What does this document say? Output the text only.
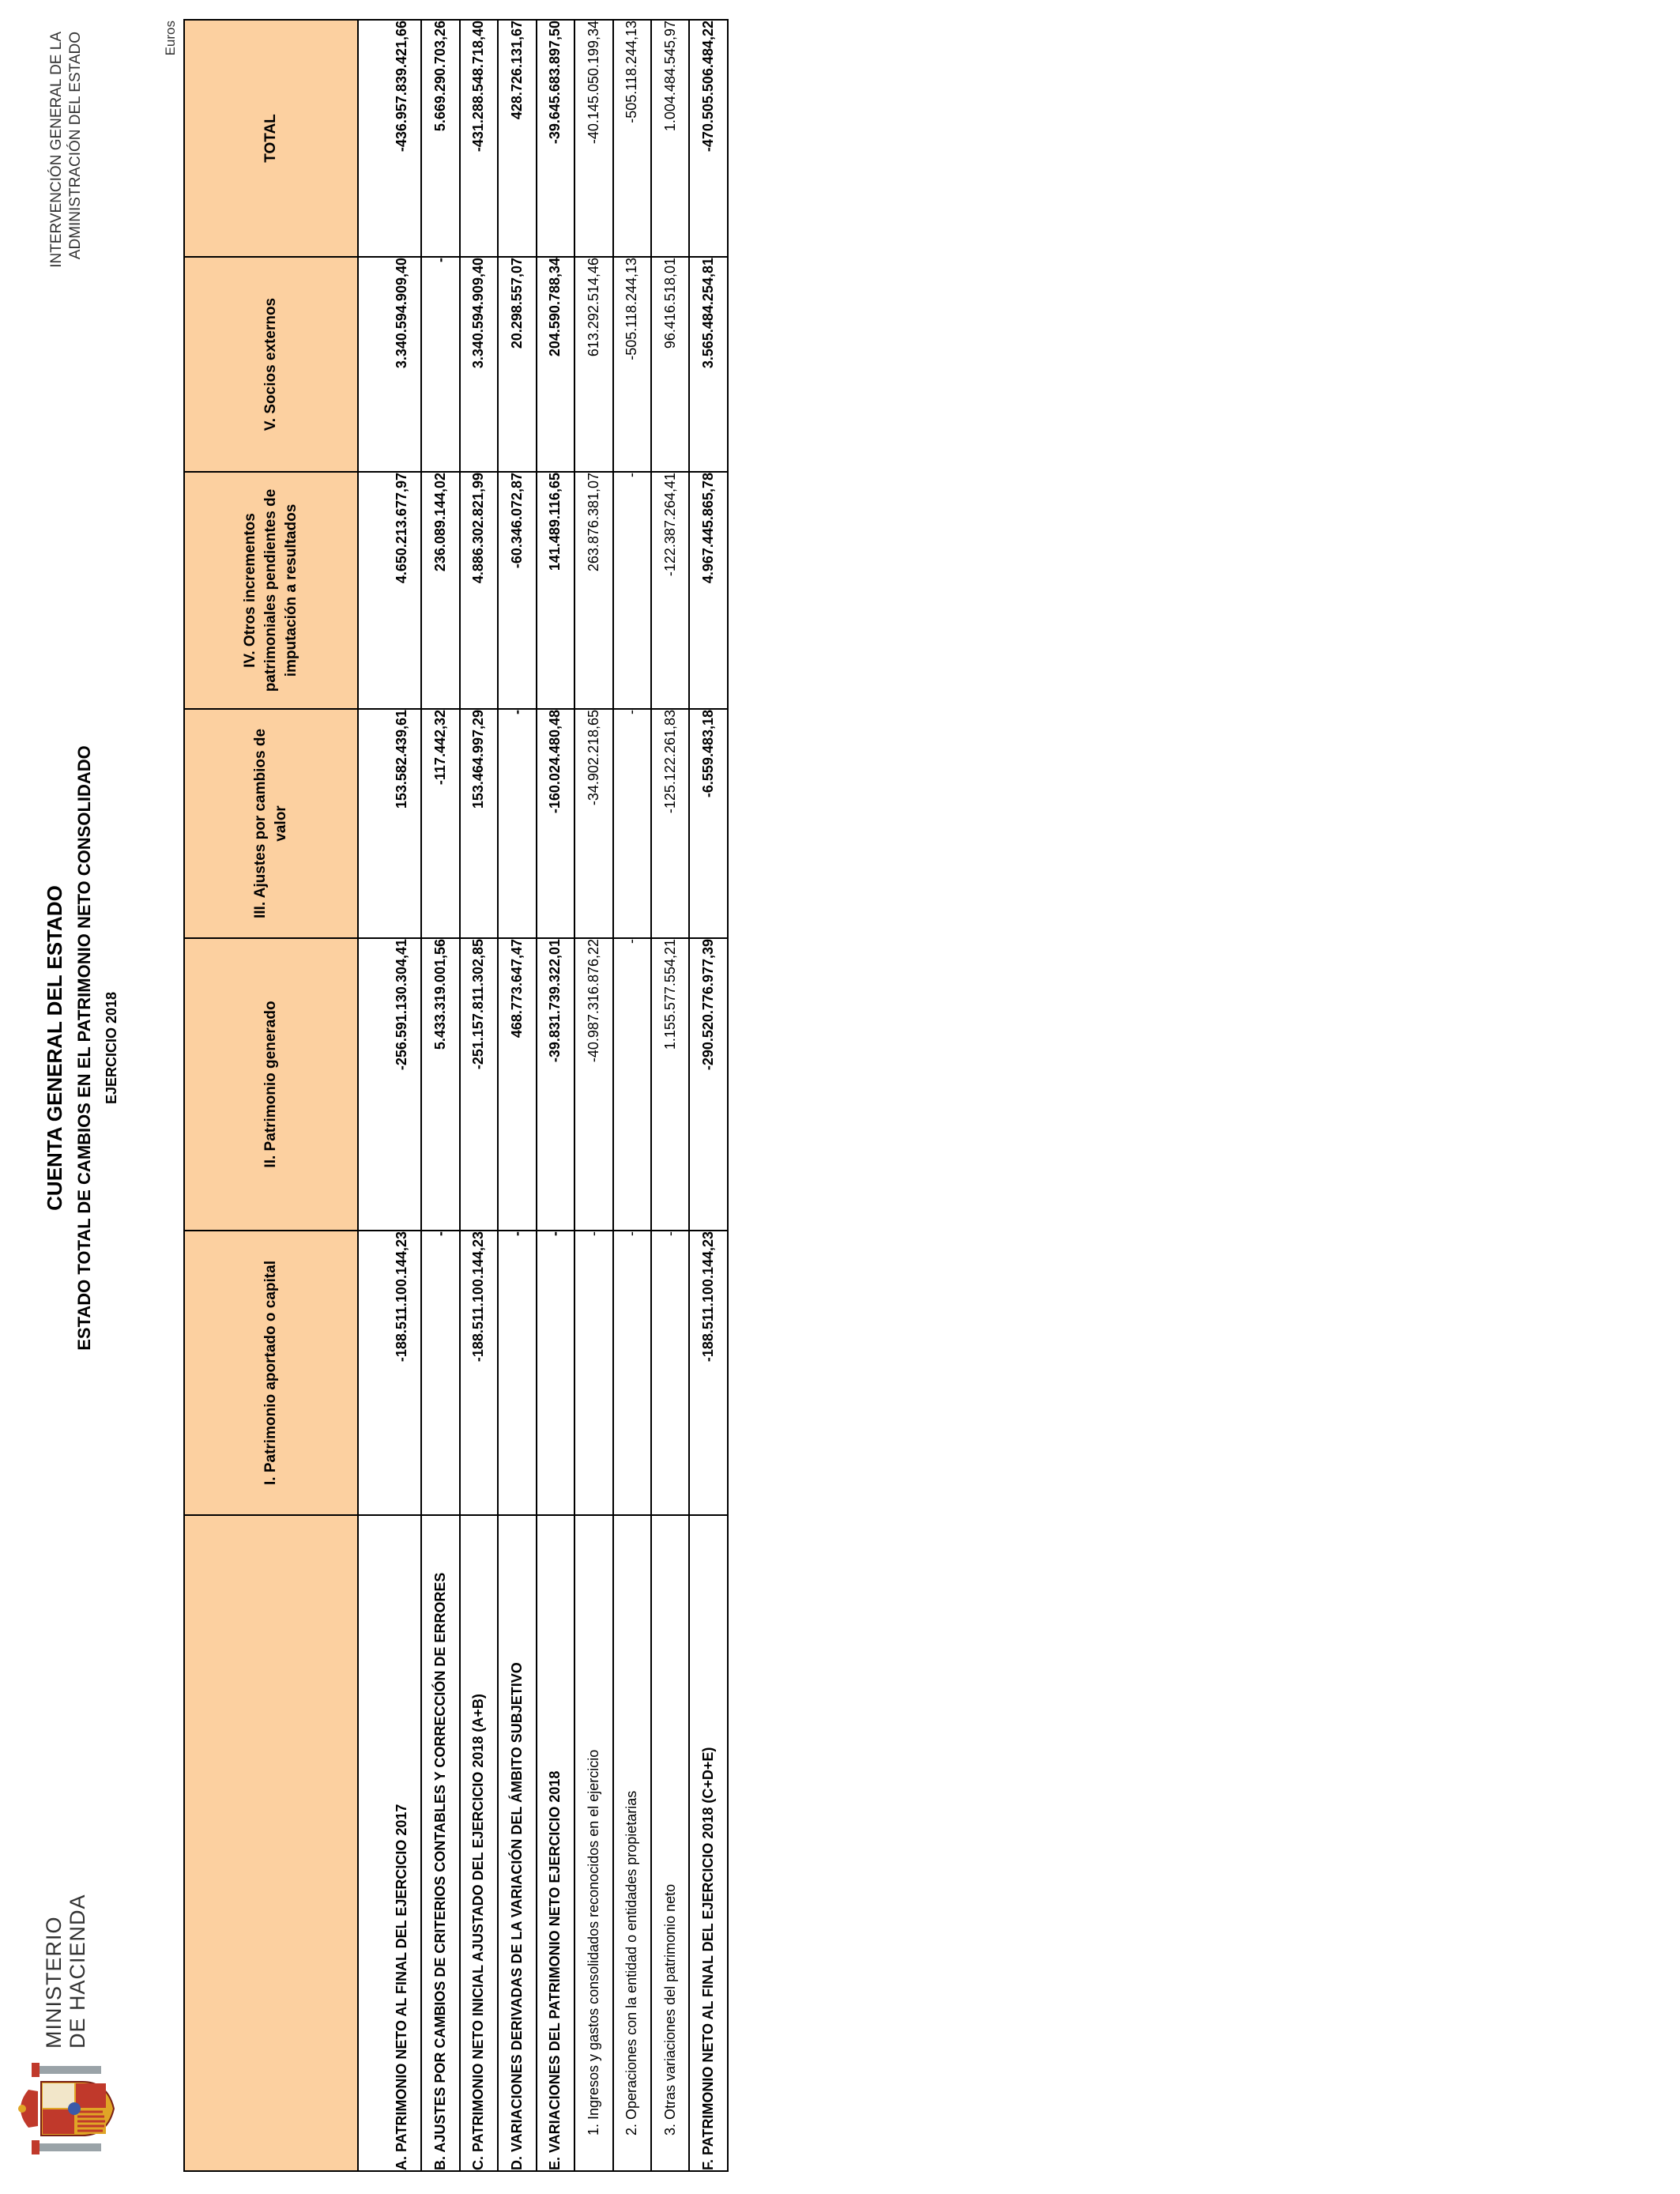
MINISTERIO DE HACIENDA
CUENTA GENERAL DEL ESTADO ESTADO TOTAL DE CAMBIOS EN EL PATRIMONIO NETO CONSOLIDADO EJERCICIO 2018
INTERVENCIÓN GENERAL DE LA ADMINISTRACIÓN DEL ESTADO	Euros
	I. Patrimonio aportado o capital	II. Patrimonio generado	III. Ajustes por cambios de valor	IV. Otros incrementos patrimoniales pendientes de imputación a resultados	V. Socios externos	TOTAL
A. PATRIMONIO NETO AL FINAL DEL EJERCICIO 2017	-188.511.100.144,23	-256.591.130.304,41	153.582.439,61	4.650.213.677,97	3.340.594.909,40	-436.957.839.421,66
B. AJUSTES POR CAMBIOS DE CRITERIOS CONTABLES Y CORRECCIÓN DE ERRORES	-	5.433.319.001,56	-117.442,32	236.089.144,02	-	5.669.290.703,26
C. PATRIMONIO NETO INICIAL AJUSTADO DEL EJERCICIO 2018 (A+B)	-188.511.100.144,23	-251.157.811.302,85	153.464.997,29	4.886.302.821,99	3.340.594.909,40	-431.288.548.718,40
D. VARIACIONES DERIVADAS DE LA VARIACIÓN DEL ÁMBITO SUBJETIVO	-	468.773.647,47	-	-60.346.072,87	20.298.557,07	428.726.131,67
E. VARIACIONES DEL PATRIMONIO NETO EJERCICIO 2018	-	-39.831.739.322,01	-160.024.480,48	141.489.116,65	204.590.788,34	-39.645.683.897,50
1. Ingresos y gastos consolidados reconocidos en el ejercicio	-	-40.987.316.876,22	-34.902.218,65	263.876.381,07	613.292.514,46	-40.145.050.199,34
2. Operaciones con la entidad o entidades propietarias	-	-	-	-	-505.118.244,13	-505.118.244,13
3. Otras variaciones del patrimonio neto	-	1.155.577.554,21	-125.122.261,83	-122.387.264,41	96.416.518,01	1.004.484.545,97
F. PATRIMONIO NETO AL FINAL DEL EJERCICIO 2018 (C+D+E)	-188.511.100.144,23	-290.520.776.977,39	-6.559.483,18	4.967.445.865,78	3.565.484.254,81	-470.505.506.484,22
